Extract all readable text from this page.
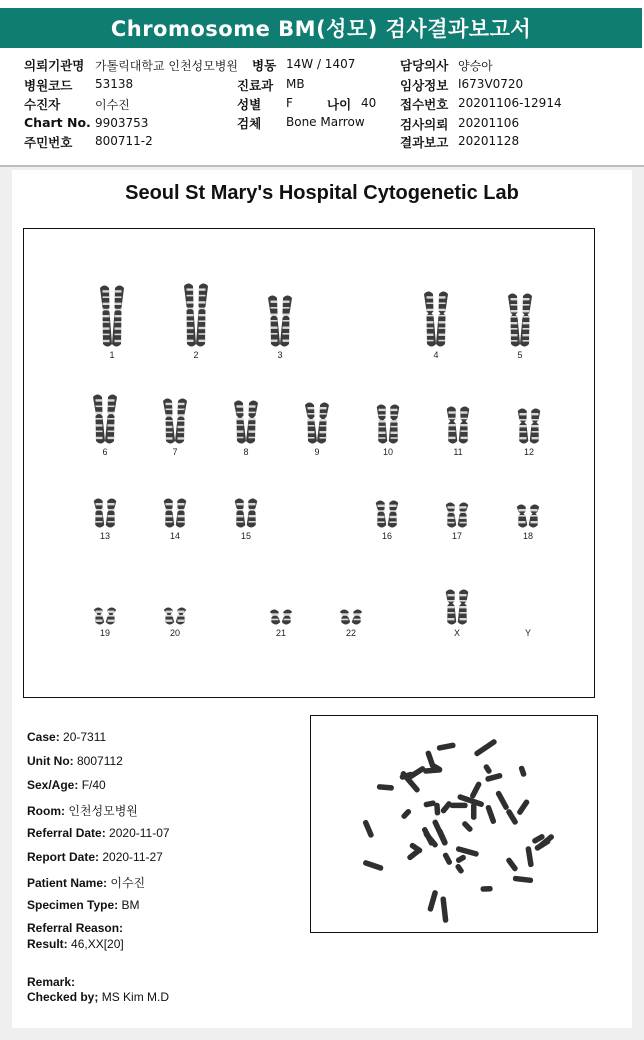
Chromosome BM(성모) 검사결과보고서
의뢰기관명 가톨릭대학교 인천성모병원
병원코드 53138
수진자	이수진
Chart No. 9903753
주민번호 800711-2
병동 14W / 1407
진료과 MB
성별 F	나이 40
검체 Bone Marrow
담당의사 양승아
임상정보 I673V0720
접수번호 20201106-12914
검사의뢰 20201106
결과보고 20201128
Seoul St Mary's Hospital Cytogenetic Lab
1	2	3	4	5
6	7	8	9	10	11	12
13	14	15	16	17	18
19	20	21	22	X	Y
Case: 20-7311
Unit No: 8007112
Sex/Age: F/40
Room: 인천성모병원
Referral Date: 2020-11-07
Report Date: 2020-11-27
Patient Name: 이수진
Specimen Type: BM
Referral Reason:
Result: 46,XX[20]
Remark:
Checked by; MS Kim M.D
